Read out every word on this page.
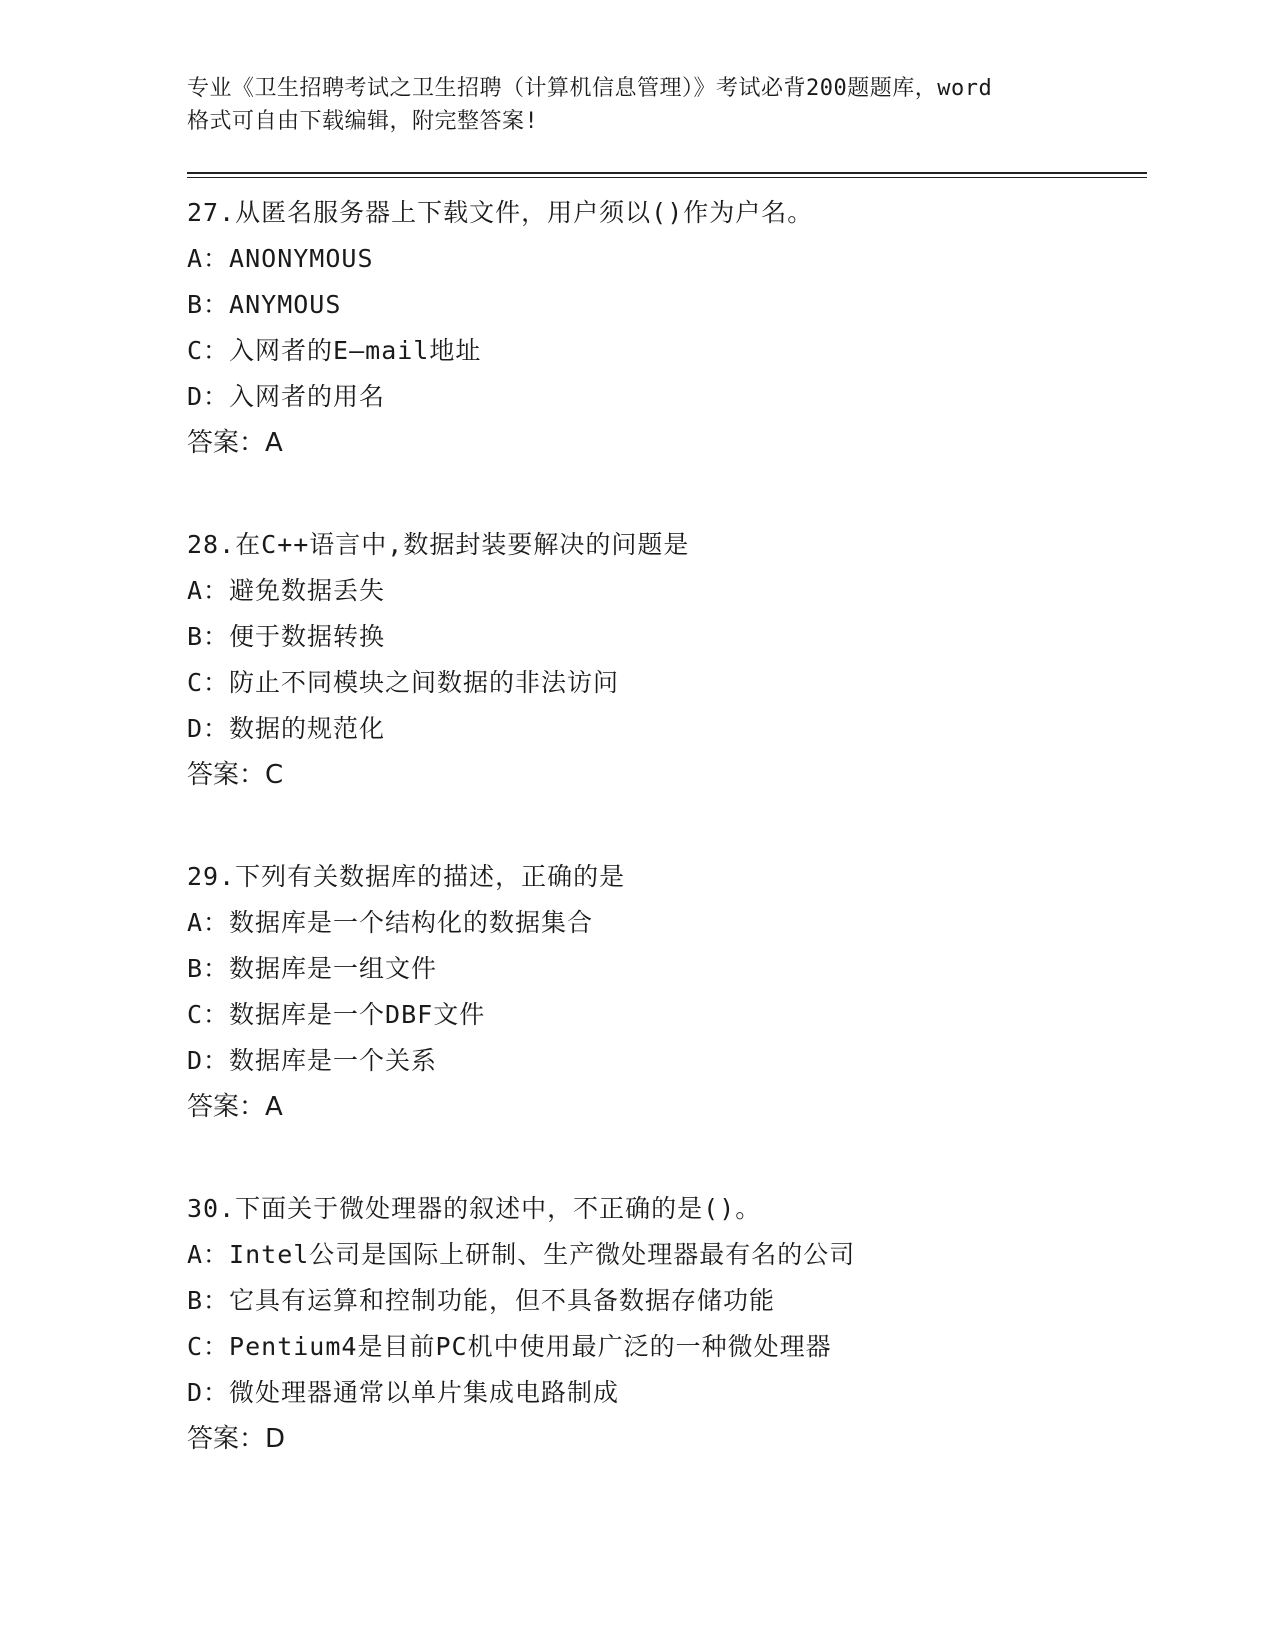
专业《卫生招聘考试之卫生招聘（计算机信息管理）》考试必背200题题库，word
格式可自由下载编辑，附完整答案!

27.从匿名服务器上下载文件，用户须以()作为户名。
A：ANONYMOUS
B：ANYMOUS
C：入网者的E—mail地址
D：入网者的用名
答案：A
28.在C++语言中,数据封装要解决的问题是
A：避免数据丢失
B：便于数据转换
C：防止不同模块之间数据的非法访问
D：数据的规范化
答案：C
29.下列有关数据库的描述，正确的是
A：数据库是一个结构化的数据集合
B：数据库是一组文件
C：数据库是一个DBF文件
D：数据库是一个关系
答案：A
30.下面关于微处理器的叙述中，不正确的是()。
A：Intel公司是国际上研制、生产微处理器最有名的公司
B：它具有运算和控制功能，但不具备数据存储功能
C：Pentium4是目前PC机中使用最广泛的一种微处理器
D：微处理器通常以单片集成电路制成
答案：D
